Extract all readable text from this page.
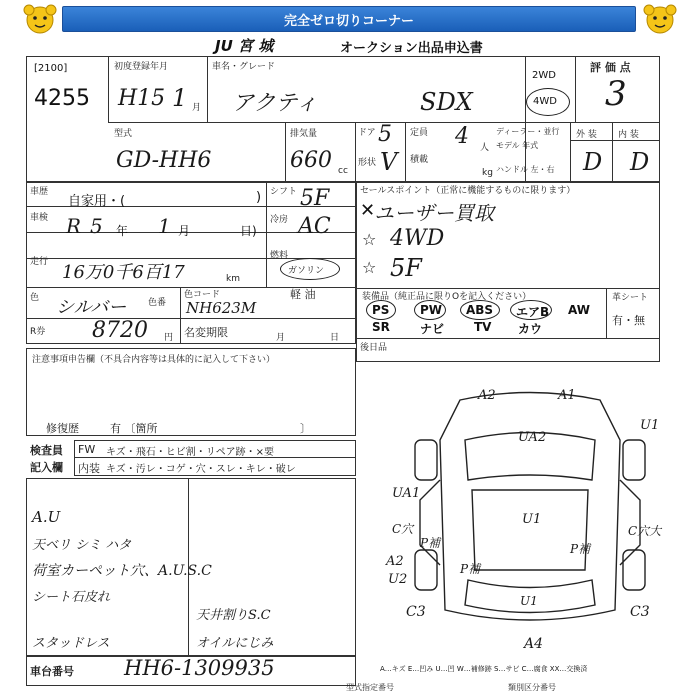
完全ゼロ切りコーナー
JU 宮 城	オークション出品申込書
[2100]
4255
初度登録年月
H15 1 月
車名・グレード
アクティ	SDX
2WD
4WD
評 価 点
3
型式
GD-HH6
排気量
660 cc
ドア 5
形状 V
定員 4 人
積載
kg
ディーラー・並行
モデル 年式
ハンドル 左・右
外 装 内 装
D D
車歴
自家用・(	)
車検 R 5 年 1 月	日)
走行 16万0千6百17	km
色 シルバー 色番
色コード
NH623M
R券 8720 円 名変期限	月	日
シフト 5F
冷房 AC
燃料
ガソリン
軽 油
セールスポイント（正常に機能するものに限ります）
ユーザー買取
4WD
5F
✕
☆
☆
装備品（純正品に限りOを記入ください）	革シート
有・無
PS	PW ABS エアB AW
SR	ナビ TV カウ
後日品
注意事項申告欄（不具合内容等は具体的に記入して下さい）
修復歴	有 〔箇所	〕
検査員
記入欄
FW キズ・飛石・ヒビ割・リペア跡・×要
内装 キズ・汚レ・コゲ・穴・スレ・キレ・破レ
A.U
天ベリ シミ ハタ
荷室カーペット穴、A.U.S.C
シート石皮れ
スタッドレス
天井割りS.C
オイルにじみ
車台番号 HH6-1309935
A2	A1
U1
UA2
UA1
U1
C穴大
C穴
P補
A2
U2
P補
P補
C3	C3
A4
U1
A…キズ E…凹み U…凹 W…補修跡 S…サビ C…腐食 XX…交換済
型式指定番号	類別区分番号
